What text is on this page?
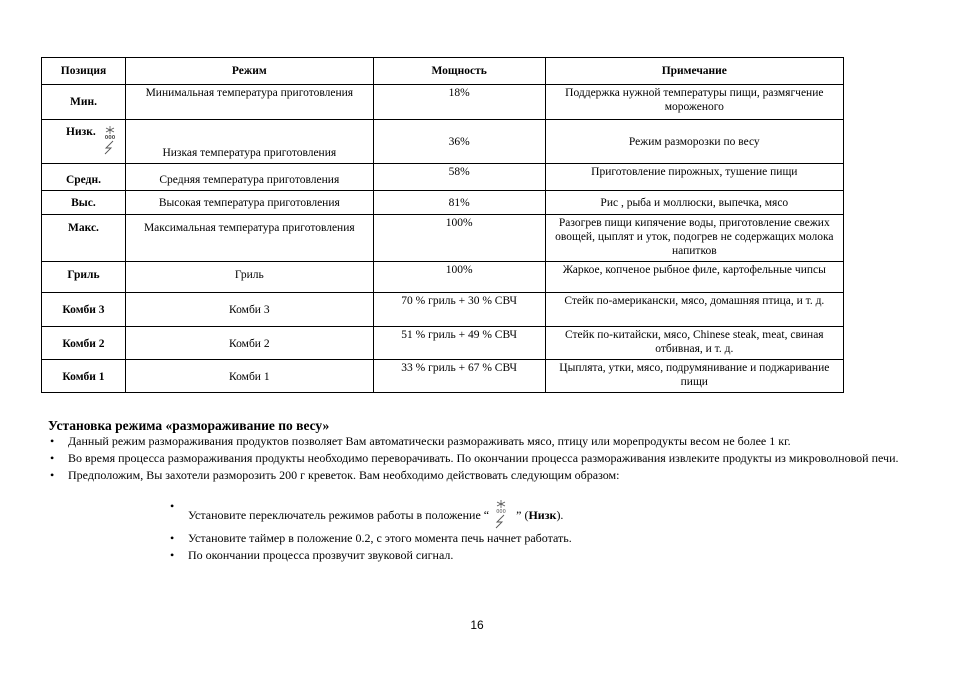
Позиция	Режим	Мощность	Примечание
Мин.	Минимальная температура приготовления	18%	Поддержка нужной температуры пищи, размягчение мороженого
Низк. 000	Низкая температура приготовления	36%	Режим разморозки по весу
Средн.	Средняя температура приготовления	58%	Приготовление пирожных, тушение пищи
Выс.	Высокая температура приготовления	81%	Рис , рыба и моллюски, выпечка, мясо
Макс.	Максимальная температура приготовления	100%	Разогрев пищи кипячение воды, приготовление свежих овощей, цыплят и уток, подогрев не содержащих молока напитков
Гриль	Гриль	100%	Жаркое, копченое рыбное филе, картофельные чипсы
Комби 3	Комби 3	70 % гриль + 30 % СВЧ	Стейк по-американски, мясо, домашняя птица, и т. д.
Комби 2	Комби 2	51 % гриль + 49 % СВЧ	Стейк по-китайски, мясо, Chinese steak, meat, свиная отбивная, и т. д.
Комби 1	Комби 1	33 % гриль + 67 % СВЧ	Цыплята, утки, мясо, подрумянивание и поджаривание пищи
Установка режима «размораживание по весу»
• Данный режим размораживания продуктов позволяет Вам автоматически размораживать мясо, птицу или морепродукты весом не более 1 кг.
• Во время процесса размораживания продукты необходимо переворачивать. По окончании процесса размораживания извлеките продукты из микроволновой печи.
• Предположим, Вы захотели разморозить 200 г креветок. Вам необходимо действовать следующим образом:
• Установите переключатель режимов работы в положение “ 000 ” (Низк).
• Установите таймер в положение 0.2, с этого момента печь начнет работать.
• По окончании процесса прозвучит звуковой сигнал.
16
